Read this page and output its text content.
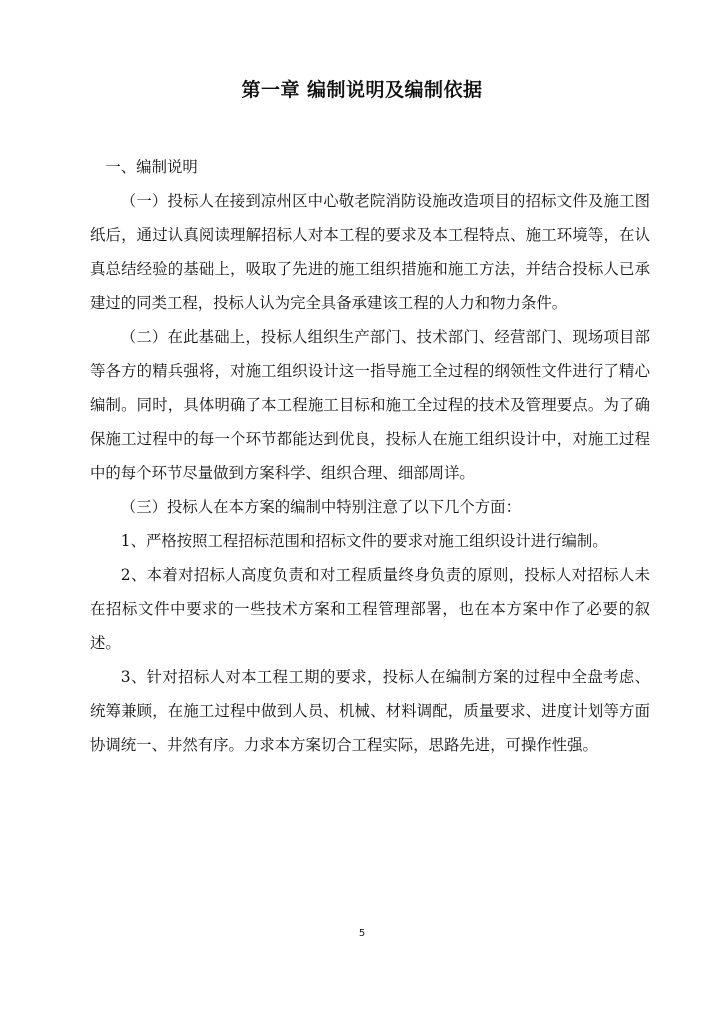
第一章 编制说明及编制依据

一、编制说明

（一）投标人在接到凉州区中心敬老院消防设施改造项目的招标文件及施工图纸后，通过认真阅读理解招标人对本工程的要求及本工程特点、施工环境等，在认真总结经验的基础上，吸取了先进的施工组织措施和施工方法，并结合投标人已承建过的同类工程，投标人认为完全具备承建该工程的人力和物力条件。

（二）在此基础上，投标人组织生产部门、技术部门、经营部门、现场项目部等各方的精兵强将，对施工组织设计这一指导施工全过程的纲领性文件进行了精心编制。同时，具体明确了本工程施工目标和施工全过程的技术及管理要点。为了确保施工过程中的每一个环节都能达到优良，投标人在施工组织设计中，对施工过程中的每个环节尽量做到方案科学、组织合理、细部周详。

（三）投标人在本方案的编制中特别注意了以下几个方面：

1、严格按照工程招标范围和招标文件的要求对施工组织设计进行编制。

2、本着对招标人高度负责和对工程质量终身负责的原则，投标人对招标人未在招标文件中要求的一些技术方案和工程管理部署，也在本方案中作了必要的叙述。

3、针对招标人对本工程工期的要求，投标人在编制方案的过程中全盘考虑、统筹兼顾，在施工过程中做到人员、机械、材料调配，质量要求、进度计划等方面协调统一、井然有序。力求本方案切合工程实际，思路先进，可操作性强。

5
